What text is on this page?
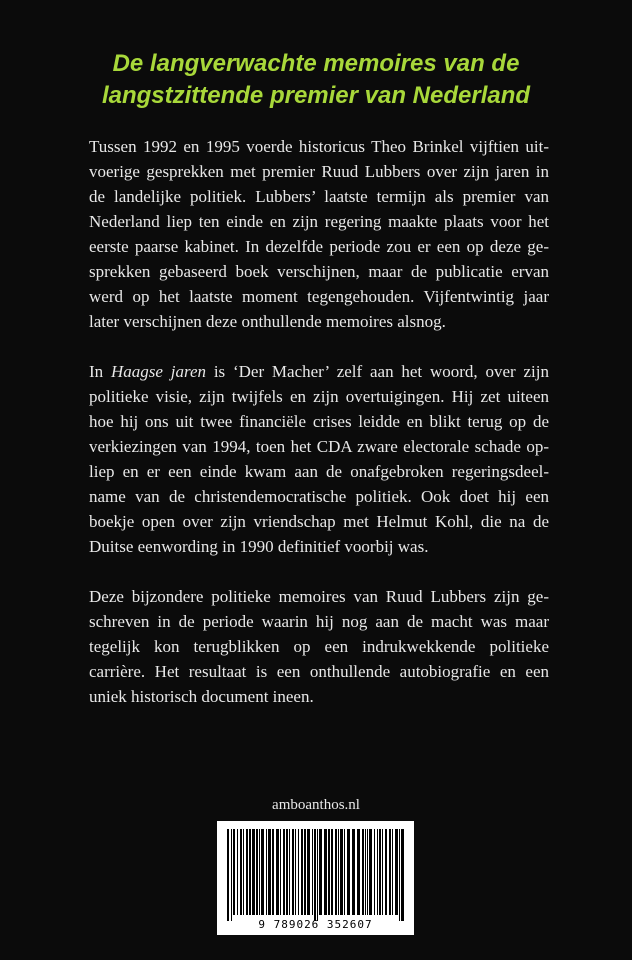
De langverwachte memoires van de
langstzittende premier van Nederland
Tussen 1992 en 1995 voerde historicus Theo Brinkel vijftien uit-
voerige gesprekken met premier Ruud Lubbers over zijn jaren in
de landelijke politiek. Lubbers’ laatste termijn als premier van
Nederland liep ten einde en zijn regering maakte plaats voor het
eerste paarse kabinet. In dezelfde periode zou er een op deze ge-
sprekken gebaseerd boek verschijnen, maar de publicatie ervan
werd op het laatste moment tegengehouden. Vijfentwintig jaar
later verschijnen deze onthullende memoires alsnog.
In Haagse jaren is ‘Der Macher’ zelf aan het woord, over zijn
politieke visie, zijn twijfels en zijn overtuigingen. Hij zet uiteen
hoe hij ons uit twee financiële crises leidde en blikt terug op de
verkiezingen van 1994, toen het CDA zware electorale schade op-
liep en er een einde kwam aan de onafgebroken regeringsdeel-
name van de christendemocratische politiek. Ook doet hij een
boekje open over zijn vriendschap met Helmut Kohl, die na de
Duitse eenwording in 1990 definitief voorbij was.
Deze bijzondere politieke memoires van Ruud Lubbers zijn ge-
schreven in de periode waarin hij nog aan de macht was maar
tegelijk kon terugblikken op een indrukwekkende politieke
carrière. Het resultaat is een onthullende autobiografie en een
uniek historisch document ineen.
amboanthos.nl
9 789026 352607
